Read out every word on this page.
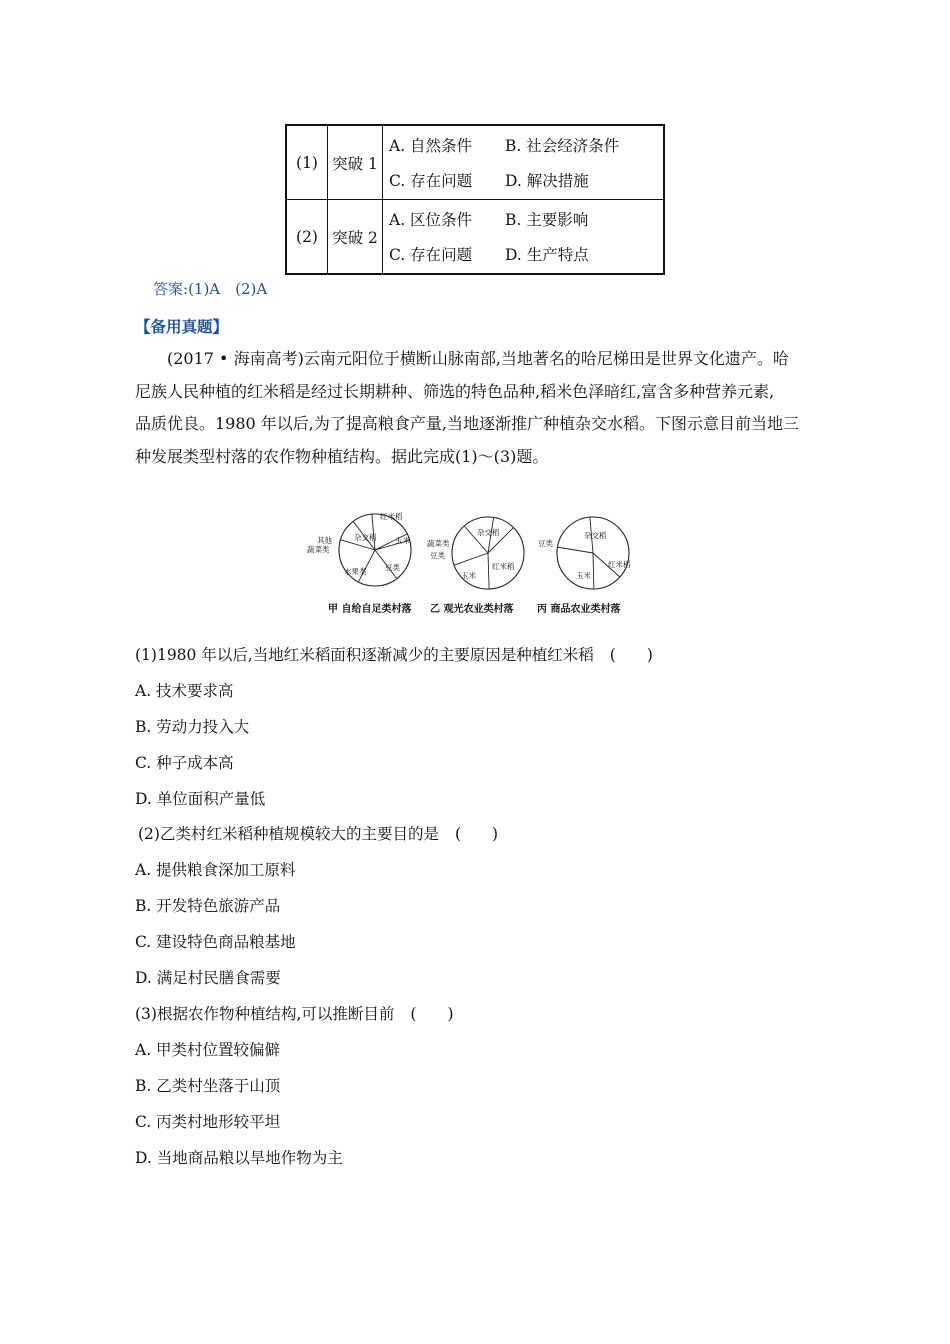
(1)	突破 1	A. 自然条件 B. 社会经济条件
C. 存在问题 D. 解决措施

(2)	突破 2	A. 区位条件 B. 主要影响
C. 存在问题 D. 生产特点
答案:(1)A　(2)A
【备用真题】
(2017 • 海南高考)云南元阳位于横断山脉南部,当地著名的哈尼梯田是世界文化遗产。哈
尼族人民种植的红米稻是经过长期耕种、筛选的特色品种,稻米色泽暗红,富含多种营养元素,
品质优良。1980 年以后,为了提高粮食产量,当地逐渐推广种植杂交水稻。下图示意目前当地三
种发展类型村落的农作物种植结构。据此完成(1)～(3)题。
杂交稻
红米稻
玉米
豆类
水果类
蔬菜类
其他
甲 自给自足类村落
杂交稻
红米稻
玉米
豆类
蔬菜类
乙 观光农业类村落
杂交稻
红米稻
玉米
豆类
丙 商品农业类村落
(1)1980 年以后,当地红米稻面积逐渐减少的主要原因是种植红米稻 (　　)
A. 技术要求高
B. 劳动力投入大
C. 种子成本高
D. 单位面积产量低
(2)乙类村红米稻种植规模较大的主要目的是 (　　)
A. 提供粮食深加工原料
B. 开发特色旅游产品
C. 建设特色商品粮基地
D. 满足村民膳食需要
(3)根据农作物种植结构,可以推断目前 (　　)
A. 甲类村位置较偏僻
B. 乙类村坐落于山顶
C. 丙类村地形较平坦
D. 当地商品粮以旱地作物为主
